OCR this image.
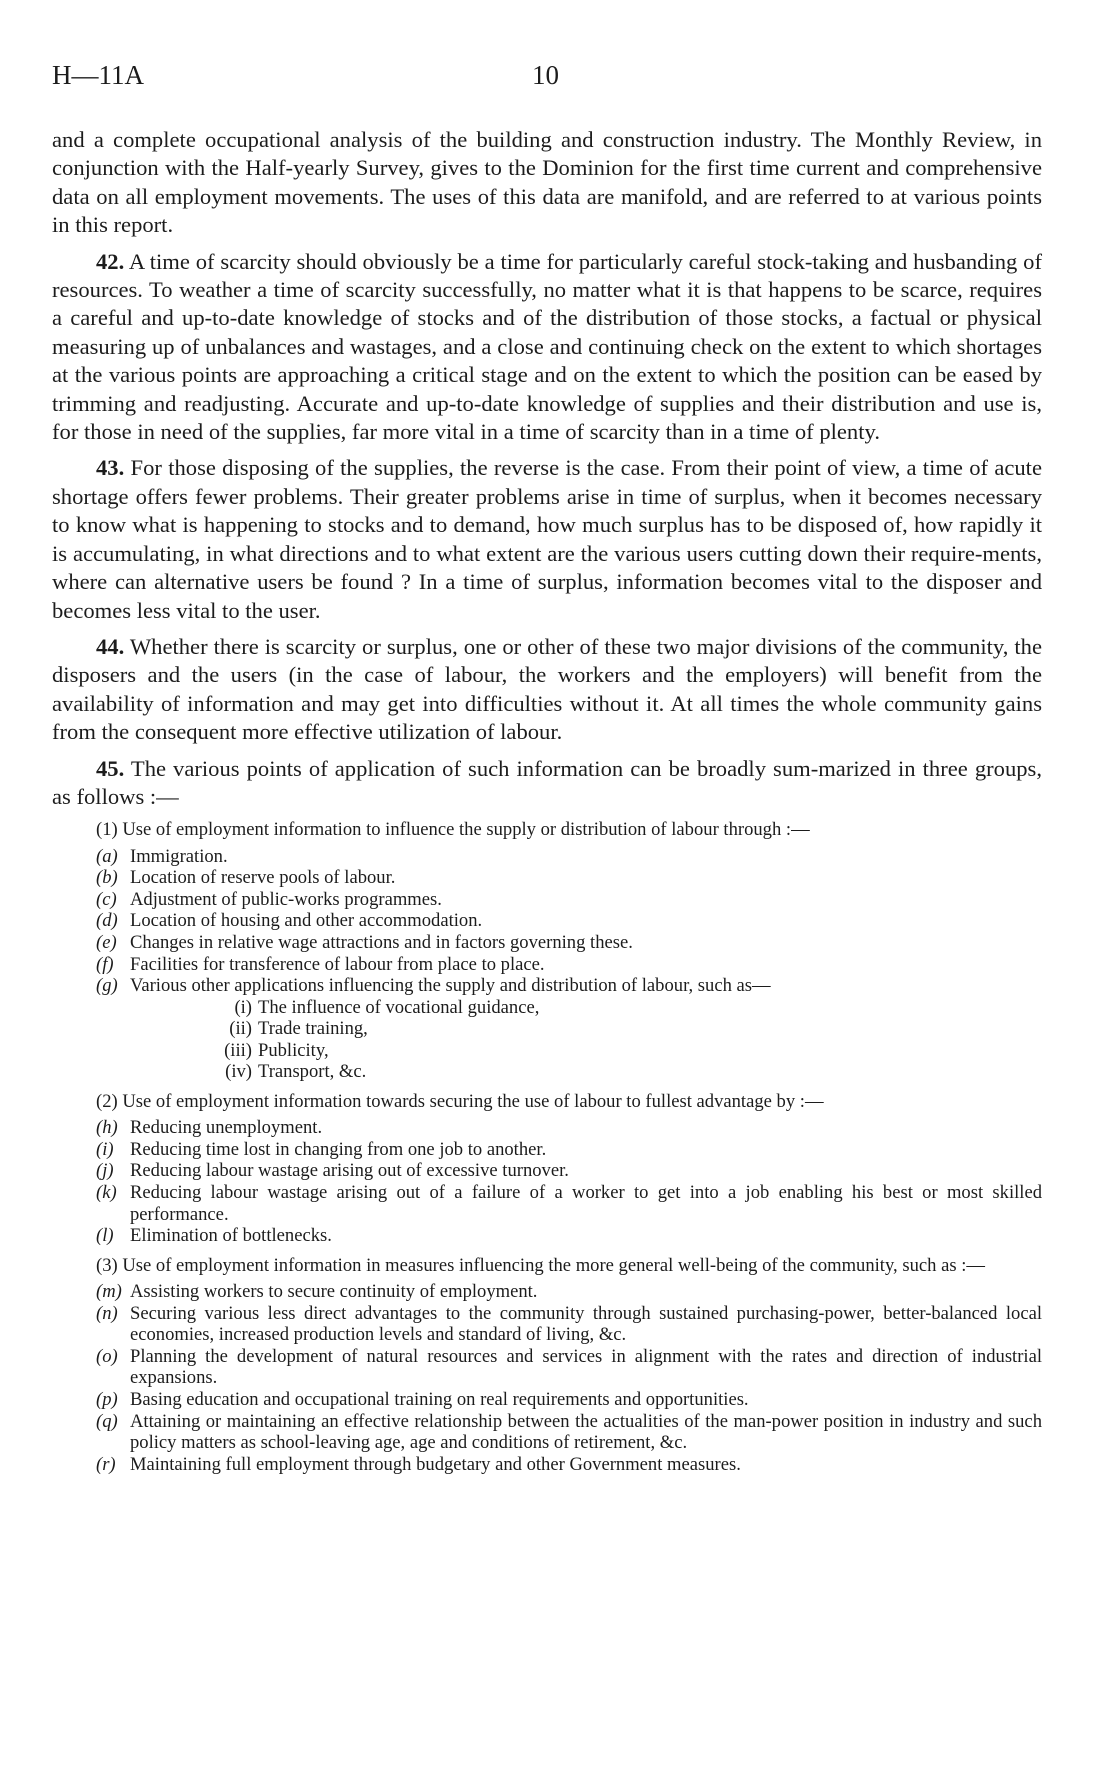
H—11A	10

and a complete occupational analysis of the building and construction industry. The Monthly Review, in conjunction with the Half-yearly Survey, gives to the Dominion for the first time current and comprehensive data on all employment movements. The uses of this data are manifold, and are referred to at various points in this report.

42. A time of scarcity should obviously be a time for particularly careful stock-taking and husbanding of resources. To weather a time of scarcity successfully, no matter what it is that happens to be scarce, requires a careful and up-to-date knowledge of stocks and of the distribution of those stocks, a factual or physical measuring up of unbalances and wastages, and a close and continuing check on the extent to which shortages at the various points are approaching a critical stage and on the extent to which the position can be eased by trimming and readjusting. Accurate and up-to-date knowledge of supplies and their distribution and use is, for those in need of the supplies, far more vital in a time of scarcity than in a time of plenty.

43. For those disposing of the supplies, the reverse is the case. From their point of view, a time of acute shortage offers fewer problems. Their greater problems arise in time of surplus, when it becomes necessary to know what is happening to stocks and to demand, how much surplus has to be disposed of, how rapidly it is accumulating, in what directions and to what extent are the various users cutting down their require-ments, where can alternative users be found ? In a time of surplus, information becomes vital to the disposer and becomes less vital to the user.

44. Whether there is scarcity or surplus, one or other of these two major divisions of the community, the disposers and the users (in the case of labour, the workers and the employers) will benefit from the availability of information and may get into difficulties without it. At all times the whole community gains from the consequent more effective utilization of labour.

45. The various points of application of such information can be broadly sum-marized in three groups, as follows :—

(1) Use of employment information to influence the supply or distribution of labour through :—

(a) Immigration.
(b) Location of reserve pools of labour.
(c) Adjustment of public-works programmes.
(d) Location of housing and other accommodation.
(e) Changes in relative wage attractions and in factors governing these.
(f) Facilities for transference of labour from place to place.
(g) Various other applications influencing the supply and distribution of labour, such as—
(i) The influence of vocational guidance,
(ii) Trade training,
(iii) Publicity,
(iv) Transport, &c.

(2) Use of employment information towards securing the use of labour to fullest advantage by :—

(h) Reducing unemployment.
(i) Reducing time lost in changing from one job to another.
(j) Reducing labour wastage arising out of excessive turnover.
(k) Reducing labour wastage arising out of a failure of a worker to get into a job enabling his best or most skilled performance.
(l) Elimination of bottlenecks.

(3) Use of employment information in measures influencing the more general well-being of the community, such as :—

(m) Assisting workers to secure continuity of employment.
(n) Securing various less direct advantages to the community through sustained purchasing-power, better-balanced local economies, increased production levels and standard of living, &c.
(o) Planning the development of natural resources and services in alignment with the rates and direction of industrial expansions.
(p) Basing education and occupational training on real requirements and opportunities.
(q) Attaining or maintaining an effective relationship between the actualities of the man-power position in industry and such policy matters as school-leaving age, age and conditions of retirement, &c.
(r) Maintaining full employment through budgetary and other Government measures.
